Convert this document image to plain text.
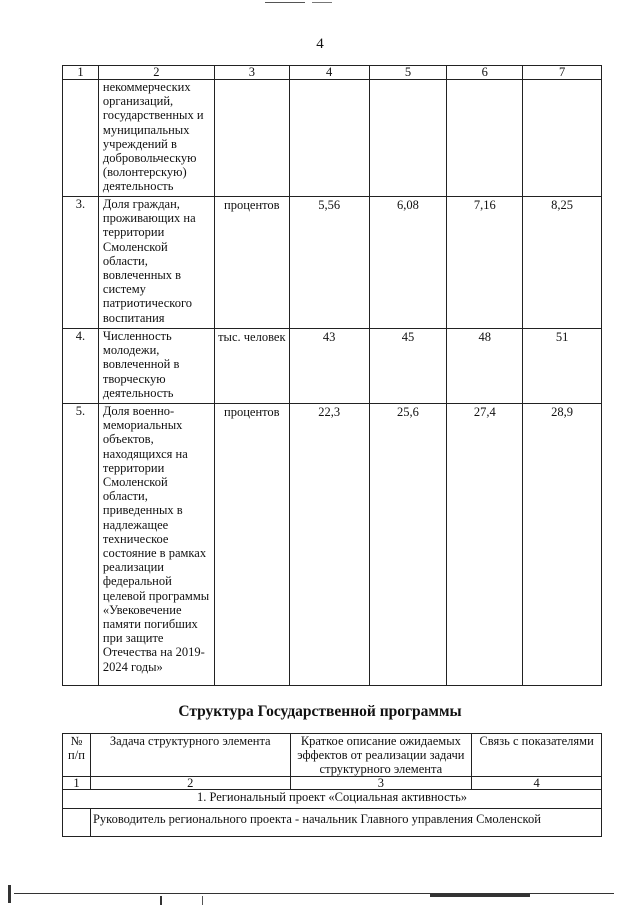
4
1	2	3	4	5	6	7
	некоммерческих организаций, государственных и муниципальных учреждений в добровольческую (волонтерскую) деятельность					
3.	Доля граждан, проживающих на территории Смоленской области, вовлеченных в систему патриотического воспитания	процентов	5,56	6,08	7,16	8,25
4.	Численность молодежи, вовлеченной в творческую деятельность	тыс. человек	43	45	48	51
5.	Доля военно-мемориальных объектов, находящихся на территории Смоленской области, приведенных в надлежащее техническое состояние в рамках реализации федеральной целевой программы «Увековечение памяти погибших при защите Отечества на 2019-2024 годы»	процентов	22,3	25,6	27,4	28,9
Структура Государственной программы
№ п/п	Задача структурного элемента	Краткое описание ожидаемых эффектов от реализации задачи структурного элемента	Связь с показателями
1	2	3	4
1. Региональный проект «Социальная активность»			
	Руководитель регионального проекта - начальник Главного управления Смоленской		
